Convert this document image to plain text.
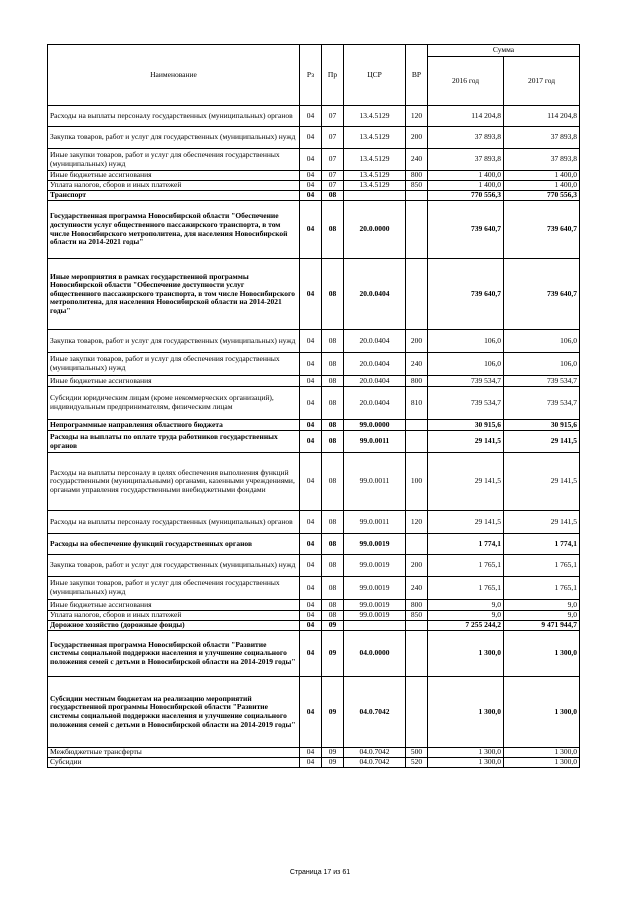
Наименование	Рз	Пр	ЦСР	ВР	Сумма	
					2016 год	2017 год
Расходы на выплаты персоналу государственных (муниципальных) органов	04	07	13.4.5129	120	114 204,8	114 204,8
Закупка товаров, работ и услуг для государственных (муниципальных) нужд	04	07	13.4.5129	200	37 893,8	37 893,8
Иные закупки товаров, работ и услуг для обеспечения государственных (муниципальных) нужд	04	07	13.4.5129	240	37 893,8	37 893,8
Иные бюджетные ассигнования	04	07	13.4.5129	800	1 400,0	1 400,0
Уплата налогов, сборов и иных платежей	04	07	13.4.5129	850	1 400,0	1 400,0
Транспорт	04	08			770 556,3	770 556,3
Государственная программа Новосибирской области "Обеспечение доступности услуг общественного пассажирского транспорта, в том числе Новосибирского метрополитена, для населения Новосибирской области на 2014-2021 годы"	04	08	20.0.0000		739 640,7	739 640,7
Иные мероприятия в рамках государственной программы Новосибирской области "Обеспечение доступности услуг общественного пассажирского транспорта, в том числе Новосибирского метрополитена, для населения Новосибирской области на 2014-2021 годы"	04	08	20.0.0404		739 640,7	739 640,7
Закупка товаров, работ и услуг для государственных (муниципальных) нужд	04	08	20.0.0404	200	106,0	106,0
Иные закупки товаров, работ и услуг для обеспечения государственных (муниципальных) нужд	04	08	20.0.0404	240	106,0	106,0
Иные бюджетные ассигнования	04	08	20.0.0404	800	739 534,7	739 534,7
Субсидии юридическим лицам (кроме некоммерческих организаций), индивидуальным предпринимателям, физическим лицам	04	08	20.0.0404	810	739 534,7	739 534,7
Непрограммные направления областного бюджета	04	08	99.0.0000		30 915,6	30 915,6
Расходы на выплаты по оплате труда работников государственных органов	04	08	99.0.0011		29 141,5	29 141,5
Расходы на выплаты персоналу в целях обеспечения выполнения функций государственными (муниципальными) органами, казенными учреждениями, органами управления государственными внебюджетными фондами	04	08	99.0.0011	100	29 141,5	29 141,5
Расходы на выплаты персоналу государственных (муниципальных) органов	04	08	99.0.0011	120	29 141,5	29 141,5
Расходы на обеспечение функций государственных органов	04	08	99.0.0019		1 774,1	1 774,1
Закупка товаров, работ и услуг для государственных (муниципальных) нужд	04	08	99.0.0019	200	1 765,1	1 765,1
Иные закупки товаров, работ и услуг для обеспечения государственных (муниципальных) нужд	04	08	99.0.0019	240	1 765,1	1 765,1
Иные бюджетные ассигнования	04	08	99.0.0019	800	9,0	9,0
Уплата налогов, сборов и иных платежей	04	08	99.0.0019	850	9,0	9,0
Дорожное хозяйство (дорожные фонды)	04	09			7 255 244,2	9 471 944,7
Государственная программа Новосибирской области "Развитие системы социальной поддержки населения и улучшение социального положения семей с детьми в Новосибирской области на 2014-2019 годы"	04	09	04.0.0000		1 300,0	1 300,0
Субсидии местным бюджетам на реализацию мероприятий государственной программы Новосибирской области "Развитие системы социальной поддержки населения и улучшение социального положения семей с детьми в Новосибирской области на 2014-2019 годы"	04	09	04.0.7042		1 300,0	1 300,0
Межбюджетные трансферты	04	09	04.0.7042	500	1 300,0	1 300,0
Субсидии	04	09	04.0.7042	520	1 300,0	1 300,0
Страница 17 из 61
